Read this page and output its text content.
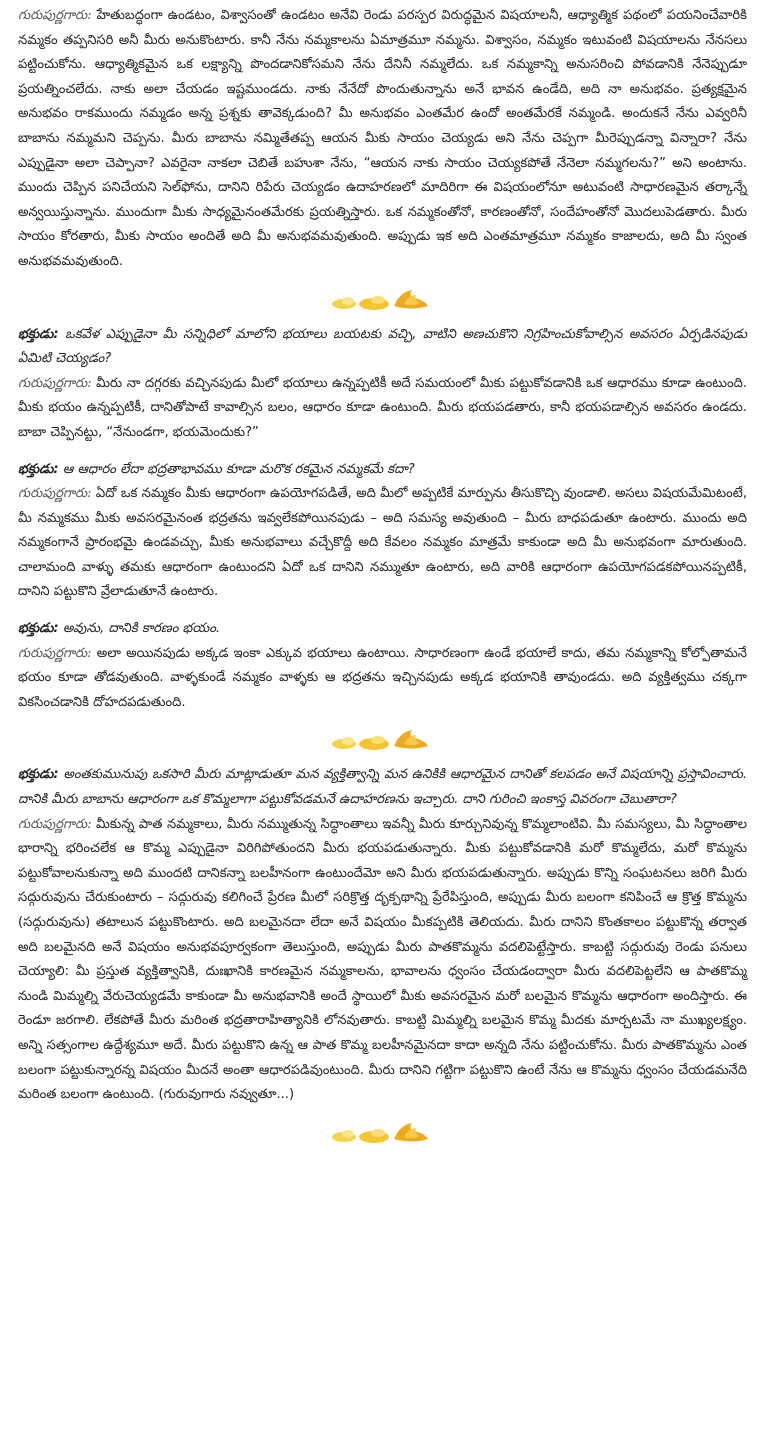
గురుపుర్ణగారు: హేతుబద్ధంగా ఉండటం, విశ్వాసంతో ఉండటం అనేవి రెండు పరస్పర విరుద్ధమైన విషయాలనీ, ఆధ్యాత్మిక పథంలో పయనించేవారికి నమ్మకం తప్పనిసరి అనీ మీరు అనుకొంటారు. కానీ నేను నమ్మకాలను ఏమాత్రమూ నమ్మను. విశ్వాసం, నమ్మకం ఇటువంటి విషయాలను నేనసలు పట్టించుకోను. ఆధ్యాత్మికమైన ఒక లక్ష్యాన్ని పొందడానికోసమని నేను దేనినీ నమ్మలేదు. ఒక నమ్మకాన్ని అనుసరించి పోవడానికి నేనెప్పుడూ ప్రయత్నించలేదు. నాకు అలా చేయడం ఇష్టముండదు. నాకు నేనేదో పొందుతున్నాను అనే భావన ఉండేది, అది నా అనుభవం. ప్రత్యక్షమైన అనుభవం రాకముందు నమ్మడం అన్న ప్రశ్నకు తావెక్కడుంది? మీ అనుభవం ఎంతమేర ఉందో అంతమేరకే నమ్మండి. అందుకనే నేను ఎవ్వరినీ బాబాను నమ్మమని చెప్పను. మీరు బాబాను నమ్మితేతప్ప ఆయన మీకు సాయం చెయ్యడు అని నేను చెప్పగా మీరెప్పుడన్నా విన్నారా? నేను ఎప్పుడైనా అలా చెప్పానా? ఎవరైనా నాకలా చెబితే బహుశా నేను, “ఆయన నాకు సాయం చెయ్యకపోతే నేనెలా నమ్మగలను?” అని అంటాను. ముందు చెప్పిన పనిచేయని సెల్‌ఫోను, దానిని రిపేరు చెయ్యడం ఉదాహరణలో మాదిరిగా ఈ విషయంలోనూ అటువంటి సాధారణమైన తర్కాన్నే అన్వయిస్తున్నాను. ముందుగా మీకు సాధ్యమైనంతమేరకు ప్రయత్నిస్తారు. ఒక నమ్మకంతోనో, కారణంతోనో, సందేహంతోనో మొదలుపెడతారు. మీరు సాయం కోరతారు, మీకు సాయం అందితే అది మీ అనుభవమవుతుంది. అప్పుడు ఇక అది ఎంతమాత్రమూ నమ్మకం కాజాలదు, అది మీ స్వంత అనుభవమవుతుంది.

భక్తుడు: ఒకవేళ ఎప్పుడైనా మీ సన్నిధిలో మాలోని భయాలు బయటకు వచ్చి, వాటిని అణచుకొని నిగ్రహించుకోవాల్సిన అవసరం ఏర్పడినపుడు ఏమిటి చెయ్యడం?

గురుపుర్ణగారు: మీరు నా దగ్గరకు వచ్చినపుడు మీలో భయాలు ఉన్నప్పటికీ అదే సమయంలో మీకు పట్టుకోవడానికి ఒక ఆధారము కూడా ఉంటుంది. మీకు భయం ఉన్నప్పటికీ, దానితోపాటే కావాల్సిన బలం, ఆధారం కూడా ఉంటుంది. మీరు భయపడతారు, కానీ భయపడాల్సిన అవసరం ఉండదు. బాబా చెప్పినట్టు, “నేనుండగా, భయమెందుకు?”

భక్తుడు: ఆ ఆధారం లేదా భద్రతాభావము కూడా మరొక రకమైన నమ్మకమే కదా?

గురుపుర్ణగారు: ఏదో ఒక నమ్మకం మీకు ఆధారంగా ఉపయోగపడితే, అది మీలో అప్పటికే మార్పును తీసుకొచ్చి వుండాలి. అసలు విషయమేమిటంటే, మీ నమ్మకము మీకు అవసరమైనంత భద్రతను ఇవ్వలేకపోయినపుడు – అది సమస్య అవుతుంది – మీరు బాధపడుతూ ఉంటారు. ముందు అది నమ్మకంగానే ప్రారంభమై ఉండవచ్చు, మీకు అనుభవాలు వచ్చేకొద్దీ అది కేవలం నమ్మకం మాత్రమే కాకుండా అది మీ అనుభవంగా మారుతుంది. చాలామంది వాళ్ళు తమకు ఆధారంగా ఉంటుందని ఏదో ఒక దానిని నమ్ముతూ ఉంటారు, అది వారికి ఆధారంగా ఉపయోగపడకపోయినప్పటికీ, దానిని పట్టుకొని వ్రేలాడుతూనే ఉంటారు.

భక్తుడు: అవును, దానికి కారణం భయం.

గురుపుర్ణగారు: అలా అయినపుడు అక్కడ ఇంకా ఎక్కువ భయాలు ఉంటాయి. సాధారణంగా ఉండే భయాలే కాదు, తమ నమ్మకాన్ని కోల్పోతామనే భయం కూడా తోడవుతుంది. వాళ్ళకుండే నమ్మకం వాళ్ళకు ఆ భద్రతను ఇచ్చినపుడు అక్కడ భయానికి తావుండదు. అది వ్యక్తిత్వము చక్కగా వికసించడానికి దోహదపడుతుంది.

భక్తుడు: అంతకుమునుపు ఒకసారి మీరు మాట్లాడుతూ మన వ్యక్తిత్వాన్ని మన ఉనికికి ఆధారమైన దానితో కలపడం అనే విషయాన్ని ప్రస్తావించారు. దానికి మీరు బాబాను ఆధారంగా ఒక కొమ్మలాగా పట్టుకోవడమనే ఉదాహరణను ఇచ్చారు. దాని గురించి ఇంకాస్త వివరంగా చెబుతారా?

గురుపుర్ణగారు: మీకున్న పాత నమ్మకాలు, మీరు నమ్ముతున్న సిద్ధాంతాలు ఇవన్నీ మీరు కూర్చునివున్న కొమ్మలాంటివి. మీ సమస్యలు, మీ సిద్ధాంతాల భారాన్ని భరించలేక ఆ కొమ్మ ఎప్పుడైనా విరిగిపోతుందని మీరు భయపడుతున్నారు. మీకు పట్టుకోవడానికి మరో కొమ్మలేదు, మరో కొమ్మను పట్టుకోవాలనుకున్నా అది ముందటి దానికన్నా బలహీనంగా ఉంటుందేమో అని మీరు భయపడుతున్నారు. అప్పుడు కొన్ని సంఘటనలు జరిగి మీరు సద్గురువును చేరుకుంటారు – సద్గురువు కలిగించే ప్రేరణ మీలో సరిక్రొత్త దృక్పథాన్ని ప్రేరేపిస్తుంది, అప్పుడు మీరు బలంగా కనిపించే ఆ క్రొత్త కొమ్మను (సద్గురువును) తటాలున పట్టుకొంటారు. అది బలమైనదా లేదా అనే విషయం మీకప్పటికి తెలియదు. మీరు దానిని కొంతకాలం పట్టుకొన్న తర్వాత అది బలమైనది అనే విషయం అనుభవపూర్వకంగా తెలుస్తుంది, అప్పుడు మీరు పాతకొమ్మను వదలిపెట్టేస్తారు. కాబట్టి సద్గురువు రెండు పనులు చెయ్యాలి: మీ ప్రస్తుత వ్యక్తిత్వానికి, దుఃఖానికి కారణమైన నమ్మకాలను, భావాలను ధ్వంసం చేయడంద్వారా మీరు వదలిపెట్టలేని ఆ పాతకొమ్మ నుండి మిమ్మల్ని వేరుచెయ్యడమే కాకుండా మీ అనుభవానికి అందే స్థాయిలో మీకు అవసరమైన మరో బలమైన కొమ్మను ఆధారంగా అందిస్తారు. ఈ రెండూ జరగాలి. లేకపోతే మీరు మరింత భద్రతారాహిత్యానికి లోనవుతారు. కాబట్టి మిమ్మల్ని బలమైన కొమ్మ మీదకు మార్చటమే నా ముఖ్యలక్ష్యం. అన్ని సత్సంగాల ఉద్దేశ్యమూ అదే. మీరు పట్టుకొని ఉన్న ఆ పాత కొమ్మ బలహీనమైనదా కాదా అన్నది నేను పట్టించుకోను. మీరు పాతకొమ్మను ఎంత బలంగా పట్టుకున్నారన్న విషయం మీదనే అంతా ఆధారపడివుంటుంది. మీరు దానిని గట్టిగా పట్టుకొని ఉంటే నేను ఆ కొమ్మను ధ్వంసం చేయడమనేది మరింత బలంగా ఉంటుంది. (గురువుగారు నవ్వుతూ...)
